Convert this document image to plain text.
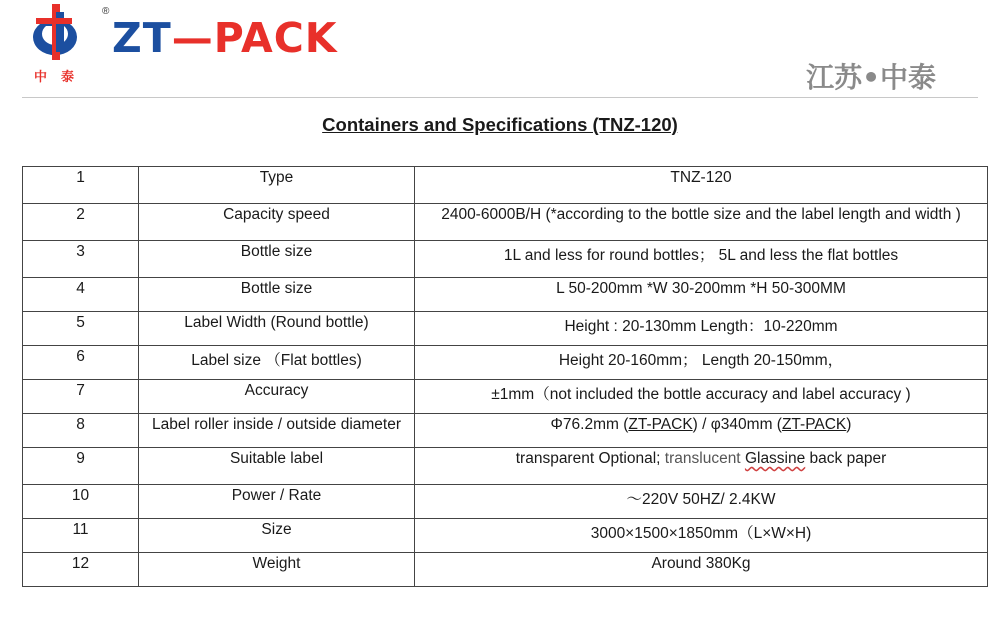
®
ZT—PACK
中泰	江苏•中泰
Containers and Specifications (TNZ-120)
1	Type	TNZ-120
2	Capacity speed	2400-6000B/H (*according to the bottle size and the label length and width )
3	Bottle size	1L and less for round bottles； 5L and less the flat bottles
4	Bottle size	L 50-200mm *W 30-200mm *H 50-300MM
5	Label Width (Round bottle)	Height : 20-130mm Length：10-220mm
6	Label size （Flat bottles)	Height 20-160mm； Length 20-150mm，
7	Accuracy	±1mm（not included the bottle accuracy and label accuracy )
8	Label roller inside / outside diameter	Φ76.2mm (ZT-PACK) / φ340mm (ZT-PACK)
9	Suitable label	transparent Optional; translucent Glassine back paper
10	Power / Rate	～220V 50HZ/ 2.4KW
11	Size	3000×1500×1850mm（L×W×H)
12	Weight	Around 380Kg
